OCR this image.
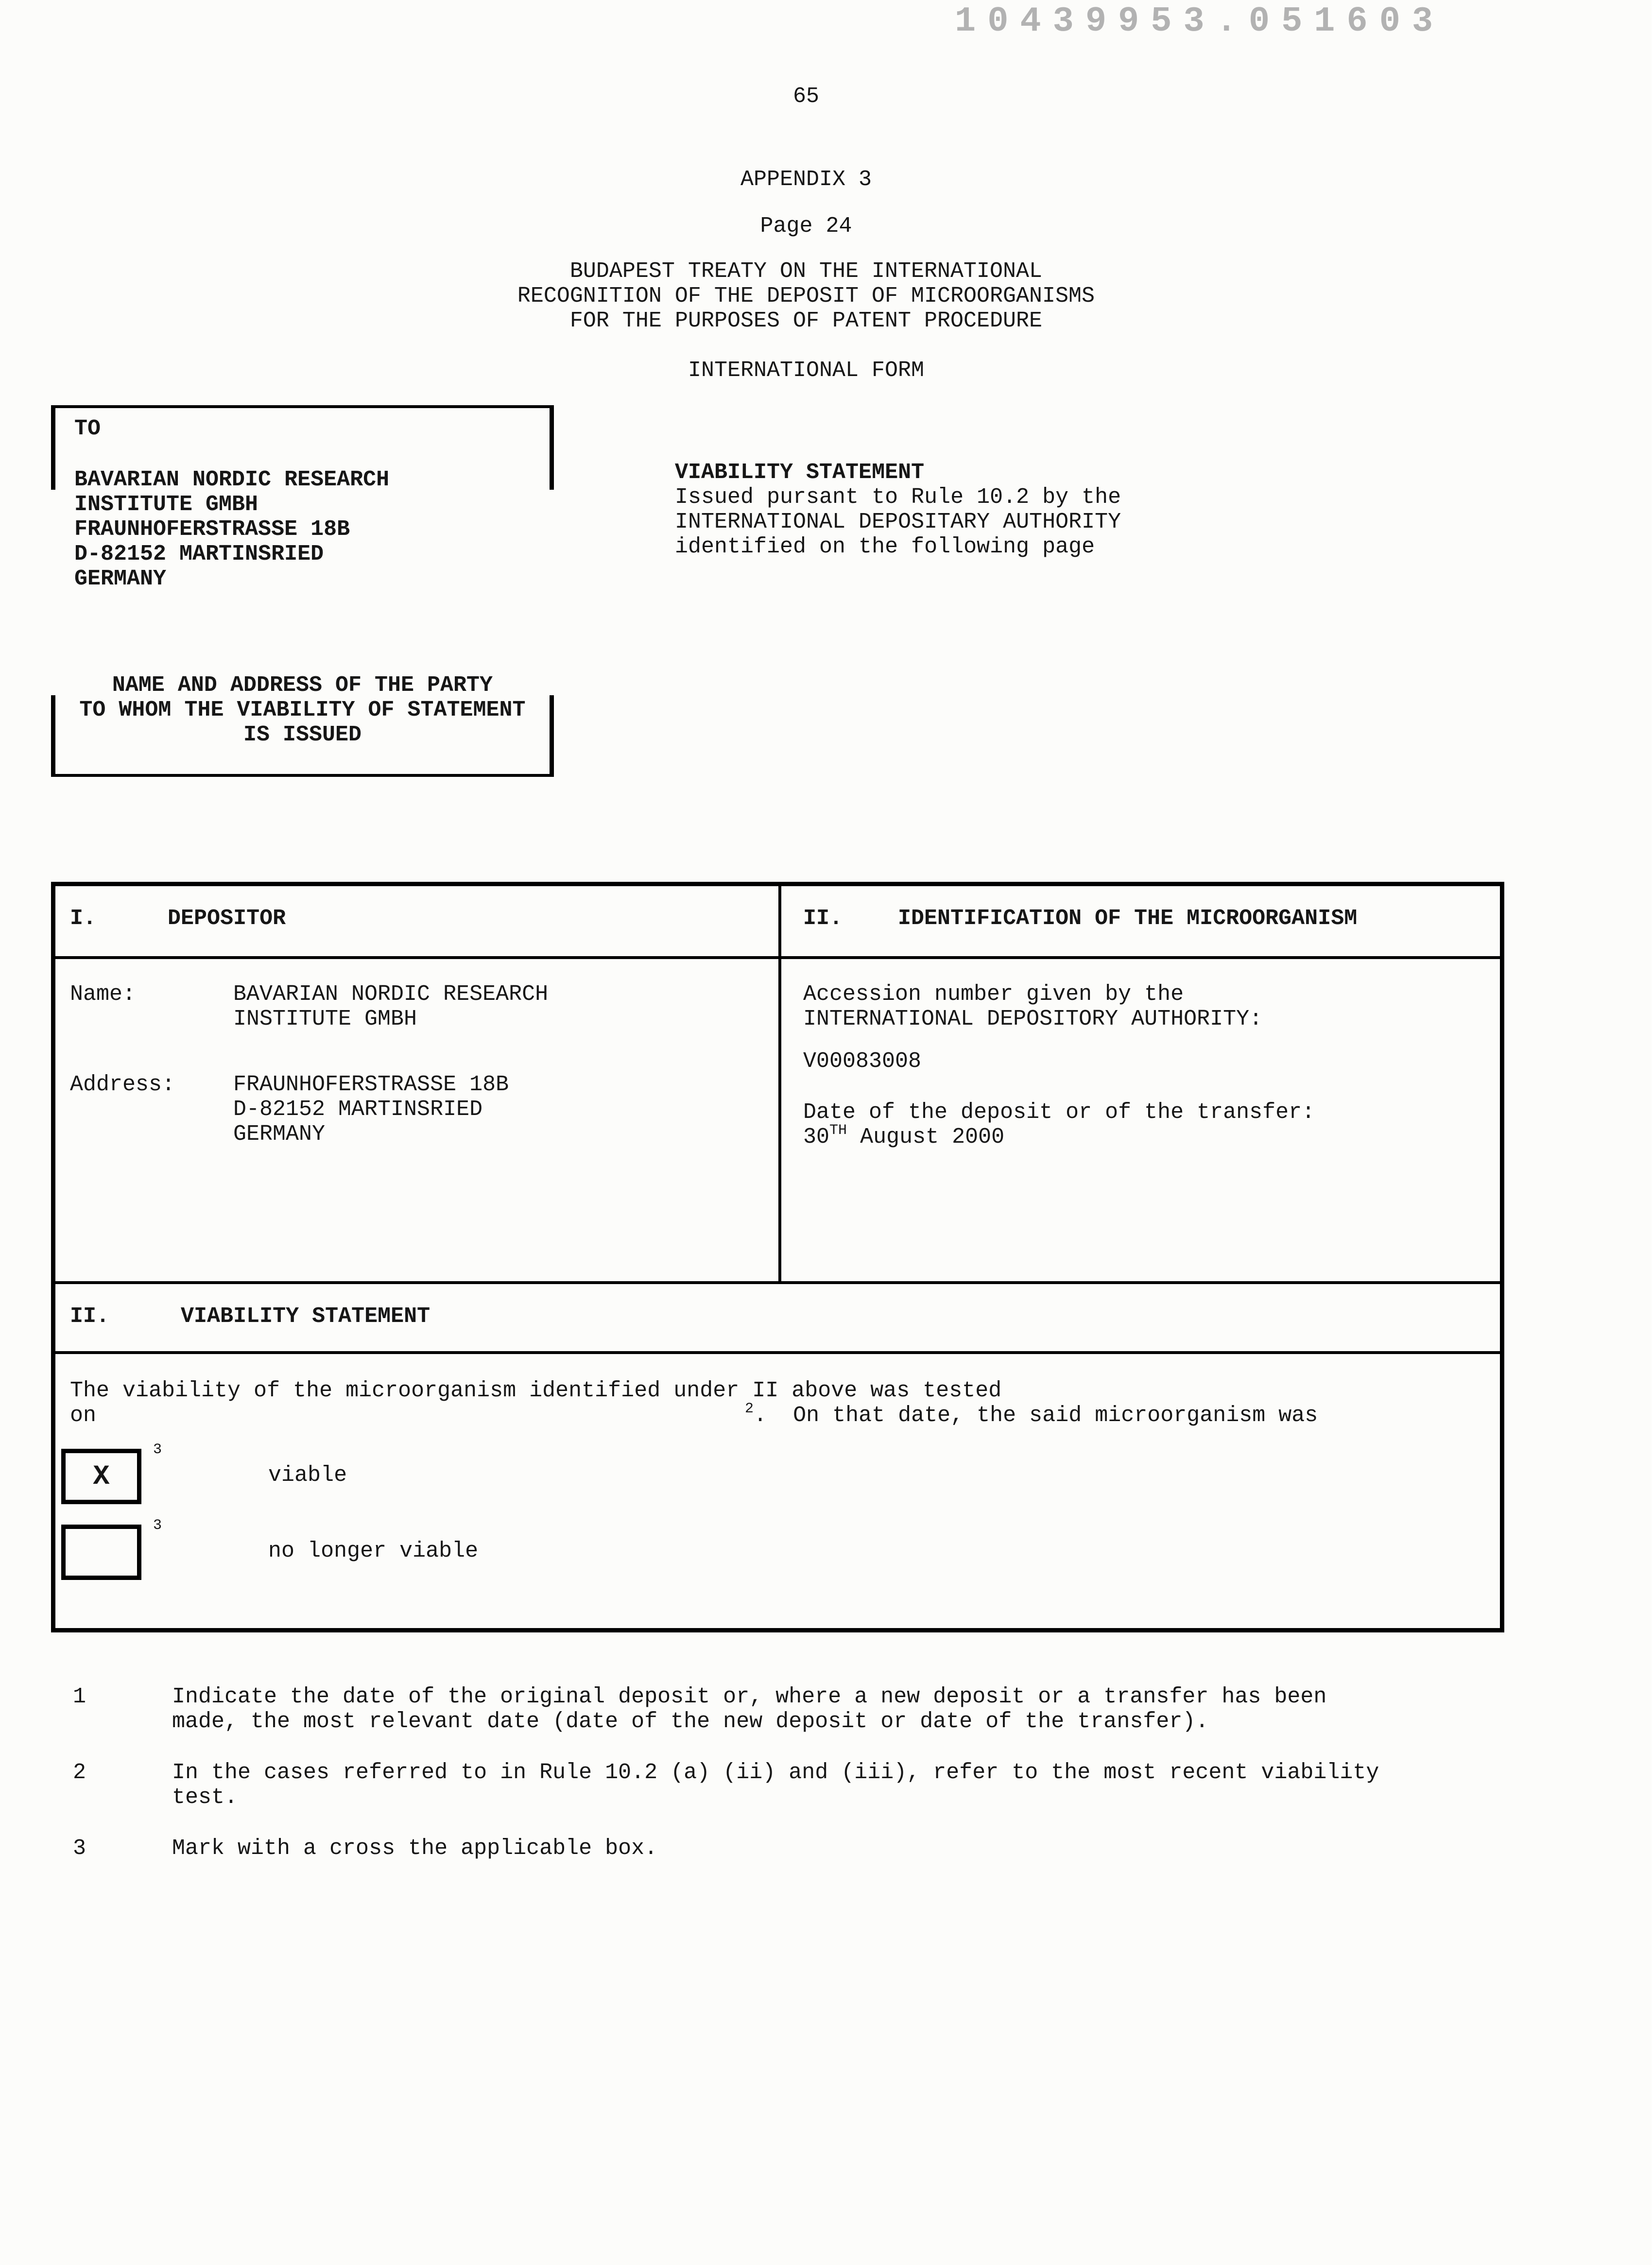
10439953.051603
65
APPENDIX 3
Page 24
BUDAPEST TREATY ON THE INTERNATIONAL
RECOGNITION OF THE DEPOSIT OF MICROORGANISMS
FOR THE PURPOSES OF PATENT PROCEDURE
INTERNATIONAL FORM
TO
BAVARIAN NORDIC RESEARCH
INSTITUTE GMBH
FRAUNHOFERSTRASSE 18B
D-82152 MARTINSRIED
GERMANY
VIABILITY STATEMENT
Issued pursant to Rule 10.2 by the
INTERNATIONAL DEPOSITARY AUTHORITY
identified on the following page
NAME AND ADDRESS OF THE PARTY
TO WHOM THE VIABILITY OF STATEMENT
IS ISSUED
I.	DEPOSITOR	II.	IDENTIFICATION OF THE MICROORGANISM
Name:	BAVARIAN NORDIC RESEARCH
INSTITUTE GMBH
Address:	FRAUNHOFERSTRASSE 18B
D-82152 MARTINSRIED
GERMANY
Accession number given by the
INTERNATIONAL DEPOSITORY AUTHORITY:
V00083008
Date of the deposit or of the transfer:
30TH August 2000
II.	VIABILITY STATEMENT
The viability of the microorganism identified under II above was tested
on	$^2$.  On that date, the said microorganism was
X
3
viable
3
no longer viable
1	Indicate the date of the original deposit or, where a new deposit or a transfer has been
made, the most relevant date (date of the new deposit or date of the transfer).
2	In the cases referred to in Rule 10.2 (a) (ii) and (iii), refer to the most recent viability
test.
3	Mark with a cross the applicable box.
